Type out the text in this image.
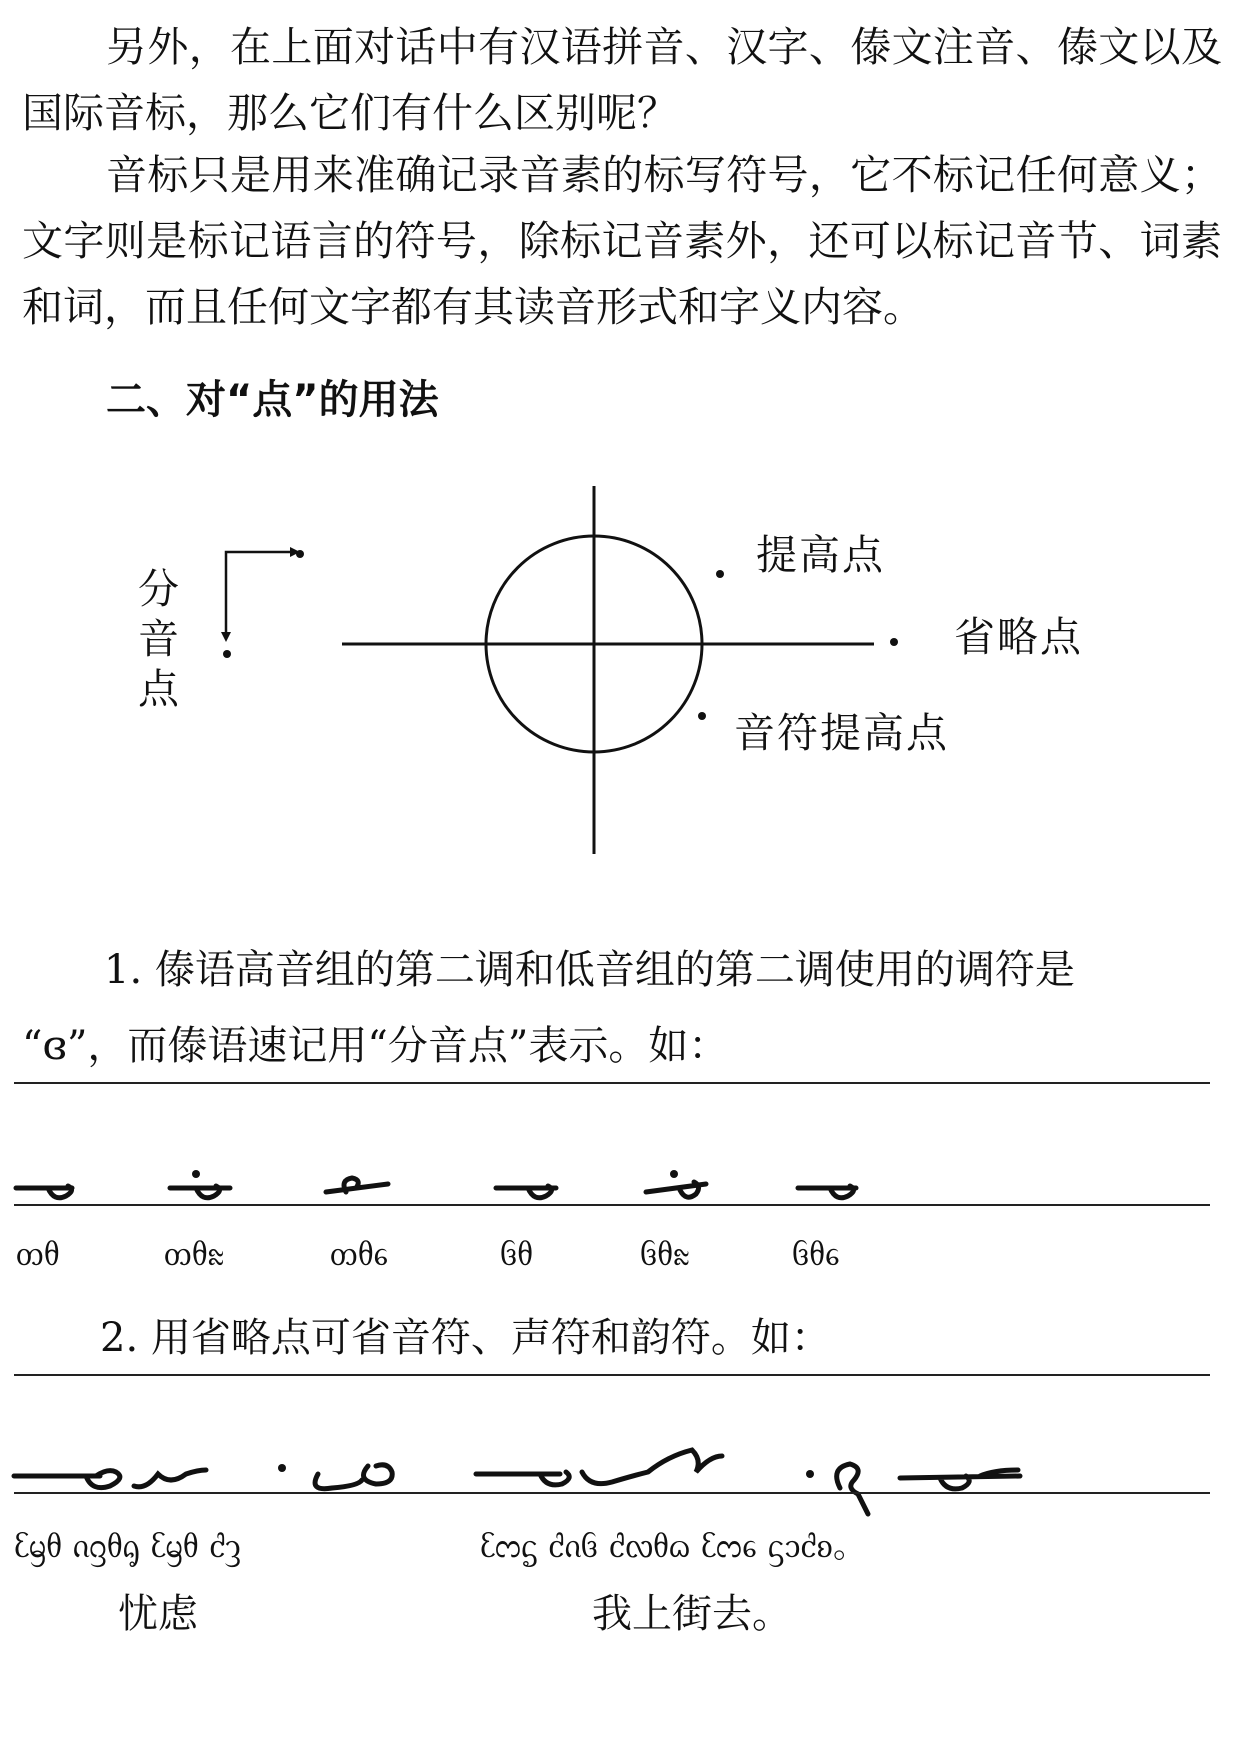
另外，在上面对话中有汉语拼音、汉字、傣文注音、傣文以及国际音标，那么它们有什么区别呢？
音标只是用来准确记录音素的标写符号，它不标记任何意义；文字则是标记语言的符号，除标记音素外，还可以标记音节、词素和词，而且任何文字都有其读音形式和字义内容。
二、对“点”的用法
提高点
省略点
音符提高点
分
音
点
1. 傣语高音组的第二调和低音组的第二调使用的调符是
“ɞ”，而傣语速记用“分音点”表示。如：
ᦎᦲ	ᦎᦲᦰ	ᦎᦲᧈ	ᦑᦲ	ᦑᦲᦰ	ᦑᦲᧈ
2. 用省略点可省音符、声符和韵符。如：
ᦷᦙᦲ ᦵᦋᦲᧂ ᦷᦙᦲ ᦺᦡ
忧虑
ᦷᦂᧃ ᦺᦵᦑ ᦺᦟᦲᦒ ᦷᦂᧈ ᦓᦱᦺᦈ。
我上街去。
